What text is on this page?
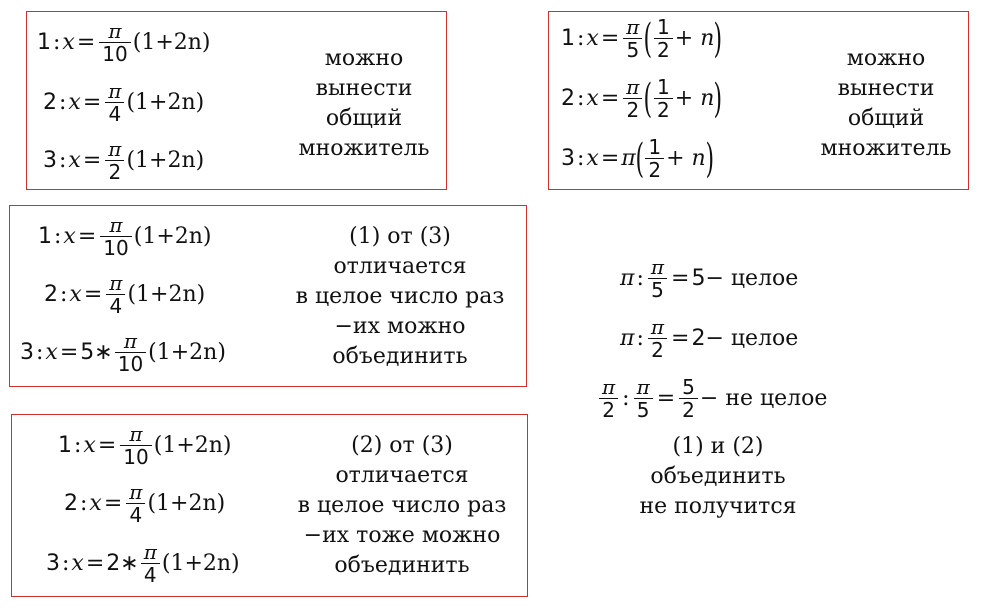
1 : $x = \frac{\pi}{10} (1+2n)$
2 : $x = \frac{\pi}{4} (1+2n)$
3 : $x = \frac{\pi}{2} (1+2n)$
можно
вынести
общий
множитель
1 : $x = \frac{\pi}{5}$ ( $\frac{1}{2} + n$ )
2 : $x = \frac{\pi}{2}$ ( $\frac{1}{2} + n$ )
3 : x = π ( $\frac{1}{2} + n$ )
можно
вынести
общий
множитель
1 : $x = \frac{\pi}{10} (1+2n)$
2 : $x = \frac{\pi}{4} (1+2n)$
3 : x = 5∗ $\frac{\pi}{10} (1+2n)$
(1) от (3)
отличается
в целое число раз
−их можно
объединить
1 : $x = \frac{\pi}{10} (1+2n)$
2 : $x = \frac{\pi}{4} (1+2n)$
3 : x = 2∗ $\frac{\pi}{4} (1+2n)$
(2) от (3)
отличается
в целое число раз
−их тоже можно
объединить
π : $\frac{\pi}{5} = 5$ − целое
π : $\frac{\pi}{2} = 2$ − целое
$\frac{\pi}{2}$ : $\frac{\pi}{5} = \frac{5}{2}$ − не целое
(1) и (2)
объединить
не получится
